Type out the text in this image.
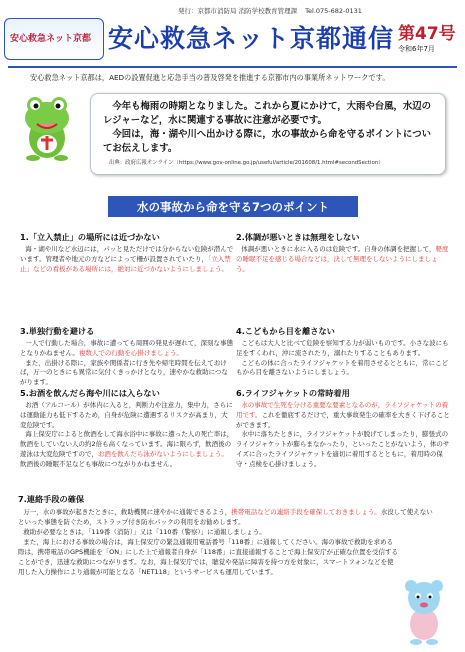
発行：京都市消防局 消防学校教育管理課 Tel.075-682-0131
安心救急ネット京都 安心救急ネット京都通信 第47号
令和6年7月
安心救急ネット京都は，AEDの設置促進と応急手当の普及啓発を推進する京都市内の事業所ネットワークです。
今年も梅雨の時期となりました。これから夏にかけて，大雨や台風，水辺のレジャーなど，水に関連する事故に注意が必要です。
今回は，海・湖や川へ出かける際に，水の事故から命を守るポイントについてお伝えします。
出典：政府広報オンライン（https://www.gov-online.go.jp/useful/article/201608/1.html#secondSection）
水の事故から命を守る7つのポイント
1.「立入禁止」の場所には近づかない

海・湖や川など水辺には，パッと見ただけでは分からない危険が潜んでいます。管理者や地元の方などによって柵が設置されていたり，「立入禁止」などの看板がある場所には，絶対に近づかないようにしましょう。

2.体調が悪いときは無理をしない

体調が悪いときに水に入るのは危険です。自身の体調を把握して，軽度の睡眠不足を感じる場合などは，決して無理をしないようにしましょう。

3.単独行動を避ける

一人で行動した場合，事故に遭っても周囲の発見が遅れて，深刻な事態となりかねません。複数人での行動を心掛けましょう。

また，出掛ける際に，家族や関係者に行き先や帰宅時間を伝えておけば，万一のときにも異常に気付くきっかけとなり，速やかな救助につながります。

4.こどもから目を離さない

こどもは大人と比べて危険を察知する力が弱いものです。小さな波にも足をすくわれ，沖に流されたり，溺れたりすることもあります。

こどもの体に合ったライフジャケットを着用させるとともに，常にこどもから目を離さないようにしましょう。

5.お酒を飲んだら海や川には入らない

お酒（アルコール）が体内に入ると，判断力や注意力，集中力，さらには運動能力も低下するため，自身が危険に遭遇するリスクが高まり，大変危険です。

海上保安庁によると飲酒をして海水浴中に事故に遭った人の死亡率は，飲酒をしていない人の約2倍も高くなっています。海に限らず，飲酒後の遊泳は大変危険ですので，お酒を飲んだら泳がないようにしましょう。飲酒後の睡眠不足なども事故につながりかねません。

6.ライフジャケットの常時着用

水の事故で生死を分ける重要な要素となるのが，ライフジャケットの着用です。これを徹底するだけで，重大事故発生の確率を大きく下げることができます。

水中に落ちたときに，ライフジャケットが脱げてしまったり，膨張式のライフジャケットが膨らまなかったり，といったことがないよう，体のサイズに合ったライフジャケットを適切に着用するとともに，着用時の保守・点検を心掛けましょう。

7.連絡手段の確保

万一，水の事故が起きたときに，救助機関に速やかに通報できるよう，携帯電話などの連絡手段を確保しておきましょう。水没して使えないといった事態を防ぐため，ストラップ付き防水パックの利用をお勧めします。

救助が必要なときは，「119番（消防）」又は「110番（警察）」に通報しましょう。

また，海上における事故の場合は，海上保安庁の緊急通報用電話番号「118番」に通報してください。海の事故で救助を求める際は，携帯電話のGPS機能を「ON」にした上で通報者自身が「118番」に直接通報することで海上保安庁が正確な位置を受信することができ，迅速な救助につながります。なお，海上保安庁では，聴覚や発話に障害を持つ方を対象に，スマートフォンなどを使用した入力操作により通報が可能となる「NET118」というサービスも運用しています。
